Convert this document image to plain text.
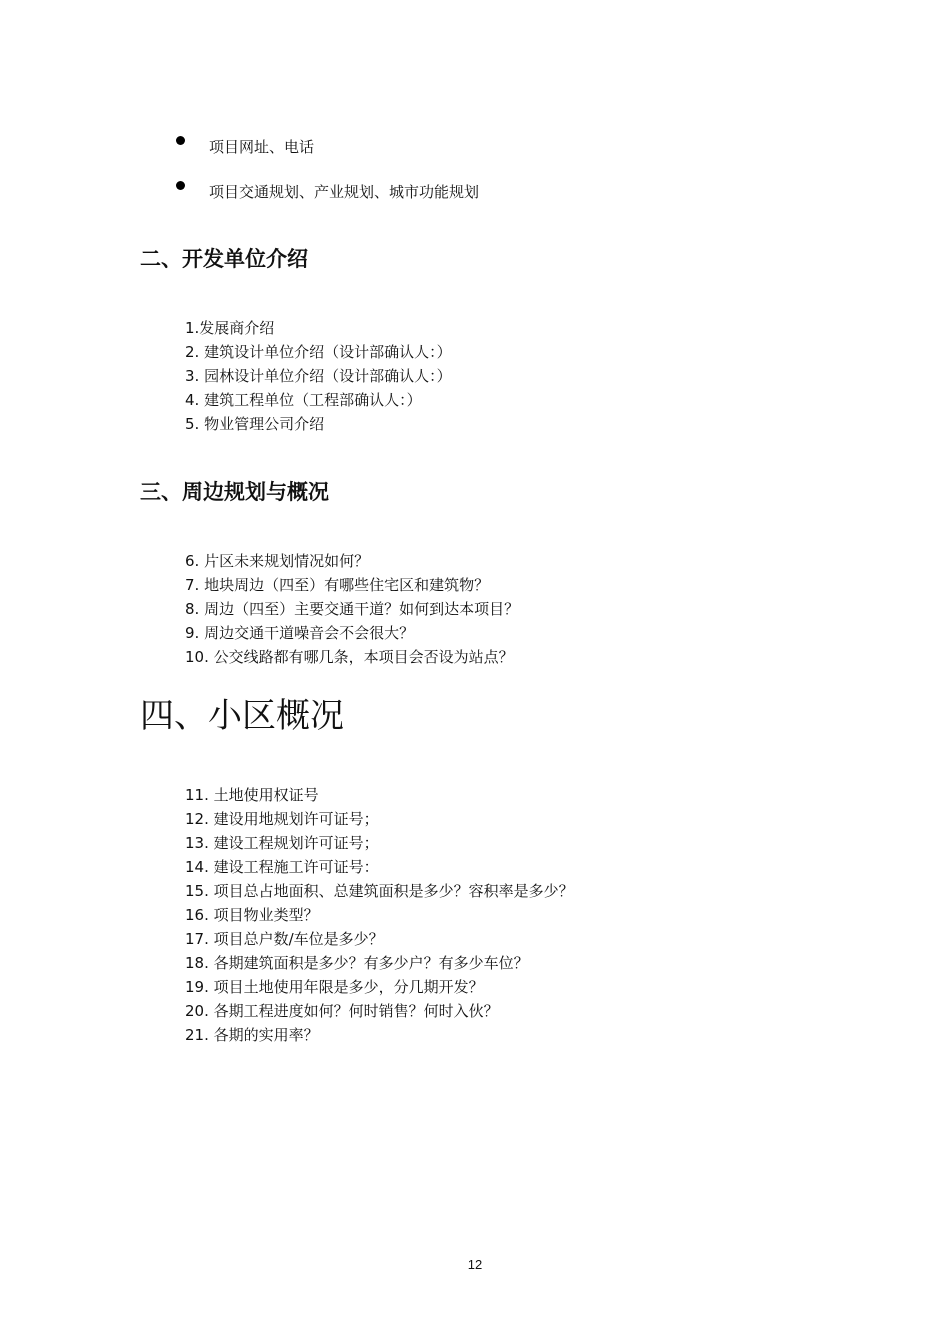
项目网址、电话
项目交通规划、产业规划、城市功能规划
二、开发单位介绍
1.发展商介绍
2. 建筑设计单位介绍（设计部确认人：）
3. 园林设计单位介绍（设计部确认人：）
4. 建筑工程单位（工程部确认人：）
5. 物业管理公司介绍
三、周边规划与概况
6. 片区未来规划情况如何？
7. 地块周边（四至）有哪些住宅区和建筑物？
8. 周边（四至）主要交通干道？如何到达本项目？
9. 周边交通干道噪音会不会很大？
10. 公交线路都有哪几条，本项目会否设为站点？
四、小区概况
11. 土地使用权证号
12. 建设用地规划许可证号；
13. 建设工程规划许可证号；
14. 建设工程施工许可证号：
15. 项目总占地面积、总建筑面积是多少？容积率是多少？
16. 项目物业类型？
17. 项目总户数/车位是多少？
18. 各期建筑面积是多少？有多少户？有多少车位？
19. 项目土地使用年限是多少，分几期开发？
20. 各期工程进度如何？何时销售？何时入伙？
21. 各期的实用率？
12
